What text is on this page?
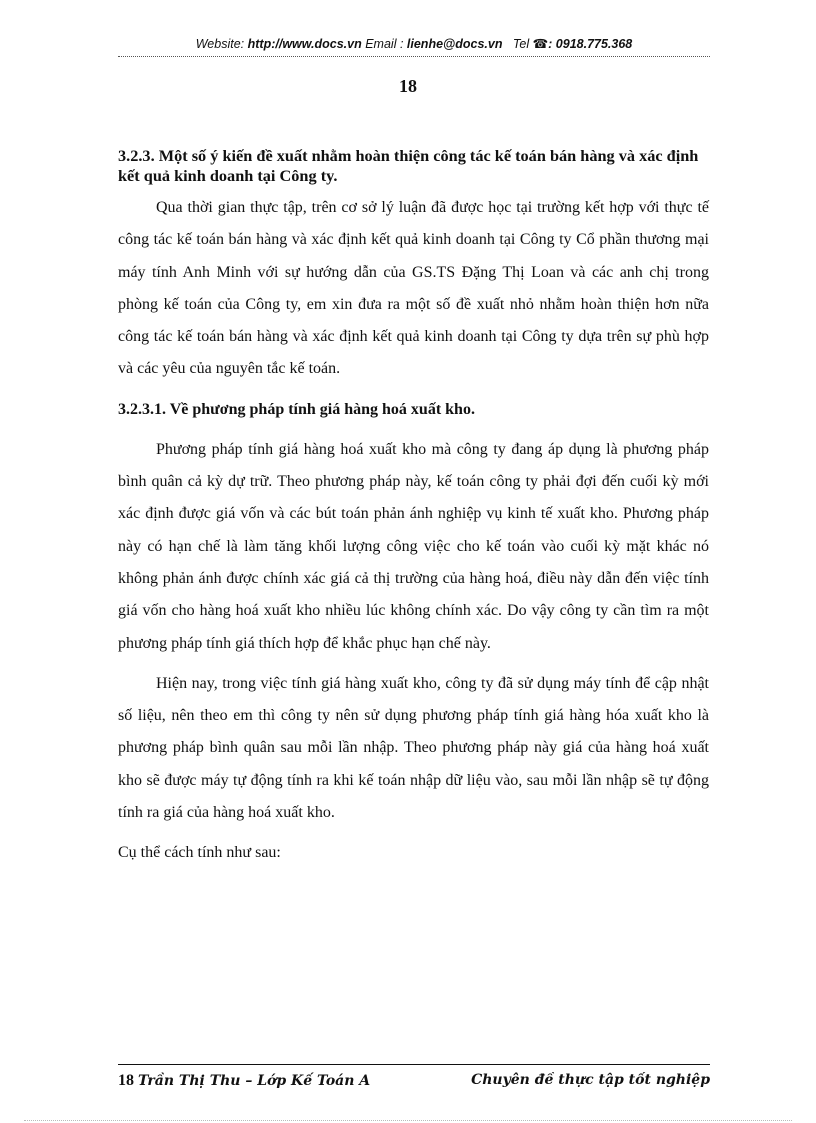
Website: http://www.docs.vn Email : lienhe@docs.vn Tel ☎: 0918.775.368
18

3.2.3. Một số ý kiến đề xuất nhằm hoàn thiện công tác kế toán bán hàng và xác định kết quả kinh doanh tại Công ty.

Qua thời gian thực tập, trên cơ sở lý luận đã được học tại trường kết hợp với thực tế công tác kế toán bán hàng và xác định kết quả kinh doanh tại Công ty Cổ phần thương mại máy tính Anh Minh với sự hướng dẫn của GS.TS Đặng Thị Loan và các anh chị trong phòng kế toán của Công ty, em xin đưa ra một số đề xuất nhỏ nhằm hoàn thiện hơn nữa công tác kế toán bán hàng và xác định kết quả kinh doanh tại Công ty dựa trên sự phù hợp và các yêu của nguyên tắc kế toán.

3.2.3.1. Về phương pháp tính giá hàng hoá xuất kho.

Phương pháp tính giá hàng hoá xuất kho mà công ty đang áp dụng là phương pháp bình quân cả kỳ dự trữ. Theo phương pháp này, kế toán công ty phải đợi đến cuối kỳ mới xác định được giá vốn và các bút toán phản ánh nghiệp vụ kinh tế xuất kho. Phương pháp này có hạn chế là làm tăng khối lượng công việc cho kế toán vào cuối kỳ mặt khác nó không phản ánh được chính xác giá cả thị trường của hàng hoá, điều này dẫn đến việc tính giá vốn cho hàng hoá xuất kho nhiều lúc không chính xác. Do vậy công ty cần tìm ra một phương pháp tính giá thích hợp để khắc phục hạn chế này.

Hiện nay, trong việc tính giá hàng xuất kho, công ty đã sử dụng máy tính để cập nhật số liệu, nên theo em thì công ty nên sử dụng phương pháp tính giá hàng hóa xuất kho là phương pháp bình quân sau mỗi lần nhập. Theo phương pháp này giá của hàng hoá xuất kho sẽ được máy tự động tính ra khi kế toán nhập dữ liệu vào, sau mỗi lần nhập sẽ tự động tính ra giá của hàng hoá xuất kho.

Cụ thể cách tính như sau:

18 Trần Thị Thu – Lớp Kế Toán A	Chuyên đề thực tập tốt nghiệp
